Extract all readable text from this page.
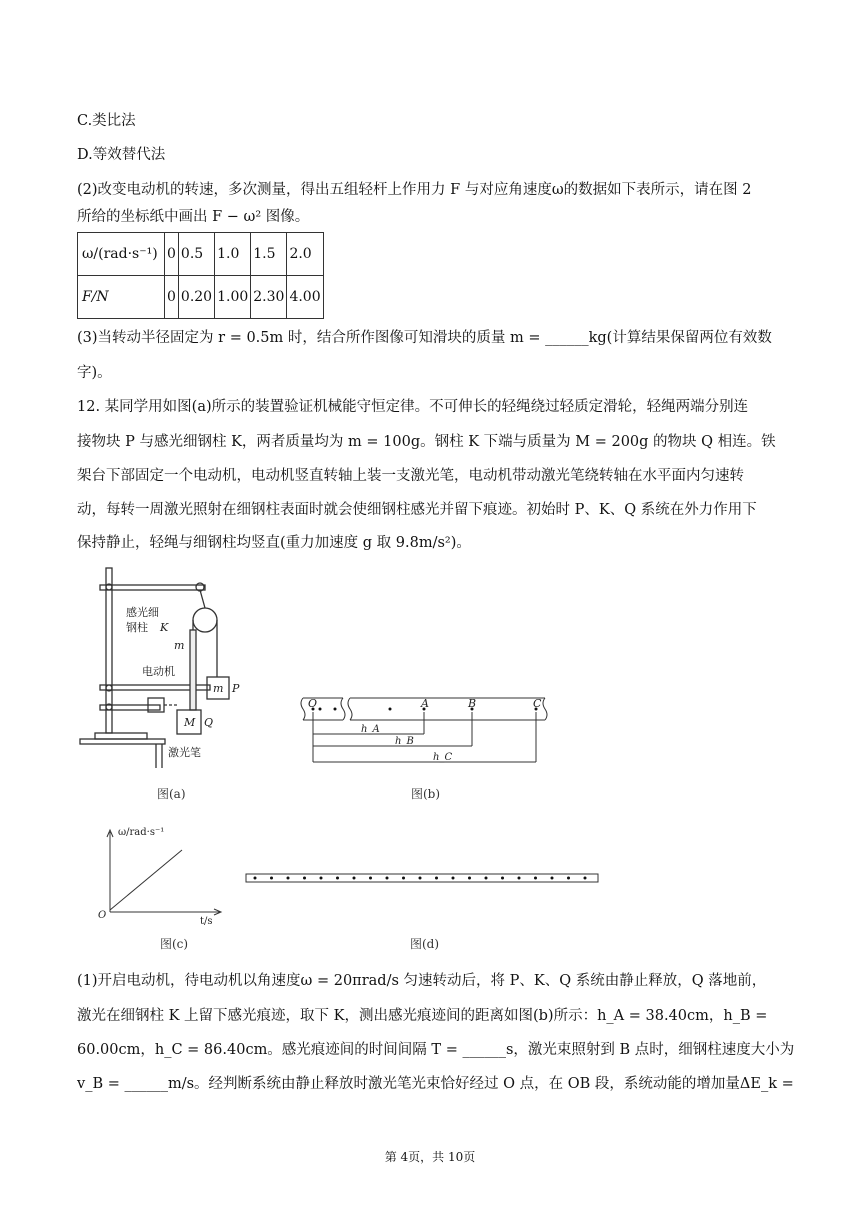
C.类比法
D.等效替代法
(2)改变电动机的转速，多次测量，得出五组轻杆上作用力 F 与对应角速度ω的数据如下表所示，请在图 2
所给的坐标纸中画出 F − ω² 图像。
ω/(rad·s⁻¹)	0	0.5	1.0	1.5	2.0
F/N	0	0.20	1.00	2.30	4.00
(3)当转动半径固定为 r = 0.5m 时，结合所作图像可知滑块的质量 m = ______kg(计算结果保留两位有效数
字)。
12. 某同学用如图(a)所示的装置验证机械能守恒定律。不可伸长的轻绳绕过轻质定滑轮，轻绳两端分别连
接物块 P 与感光细钢柱 K，两者质量均为 m = 100g。钢柱 K 下端与质量为 M = 200g 的物块 Q 相连。铁
架台下部固定一个电动机，电动机竖直转轴上装一支激光笔，电动机带动激光笔绕转轴在水平面内匀速转
动，每转一周激光照射在细钢柱表面时就会使细钢柱感光并留下痕迹。初始时 P、K、Q 系统在外力作用下
保持静止，轻绳与细钢柱均竖直(重力加速度 g 取 9.8m/s²)。
感光细
钢柱 K
m
电动机
m P
M Q
激光笔
图(a)
O	A	B	C
h_A
h_B
h_C
图(b)
ω/rad·s⁻¹
t/s
O
图(c)	图(d)
(1)开启电动机，待电动机以角速度ω = 20πrad/s 匀速转动后，将 P、K、Q 系统由静止释放，Q 落地前，
激光在细钢柱 K 上留下感光痕迹，取下 K，测出感光痕迹间的距离如图(b)所示：h_A = 38.40cm，h_B =
60.00cm，h_C = 86.40cm。感光痕迹间的时间间隔 T = ______s，激光束照射到 B 点时，细钢柱速度大小为
v_B = ______m/s。经判断系统由静止释放时激光笔光束恰好经过 O 点，在 OB 段，系统动能的增加量ΔE_k =
第 4页，共 10页
